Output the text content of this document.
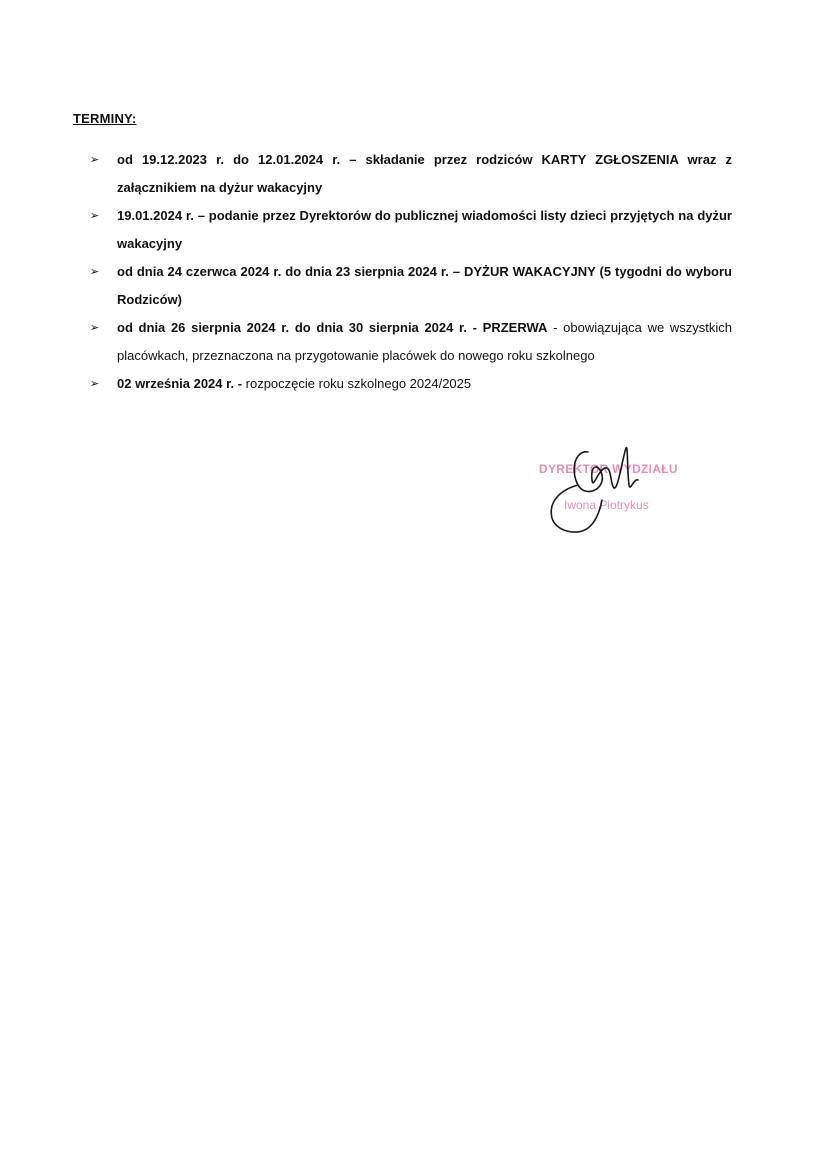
TERMINY:
➢ od 19.12.2023 r. do 12.01.2024 r. – składanie przez rodziców KARTY ZGŁOSZENIA wraz z załącznikiem na dyżur wakacyjny
➢ 19.01.2024 r. – podanie przez Dyrektorów do publicznej wiadomości listy dzieci przyjętych na dyżur wakacyjny
➢ od dnia 24 czerwca 2024 r. do dnia 23 sierpnia 2024 r. – DYŻUR WAKACYJNY (5 tygodni do wyboru Rodziców)
➢ od dnia 26 sierpnia 2024 r. do dnia 30 sierpnia 2024 r. - PRZERWA - obowiązująca we wszystkich placówkach, przeznaczona na przygotowanie placówek do nowego roku szkolnego
➢ 02 września 2024 r. - rozpoczęcie roku szkolnego 2024/2025
DYREKTOR WYDZIAŁU
Iwona Piotrykus
